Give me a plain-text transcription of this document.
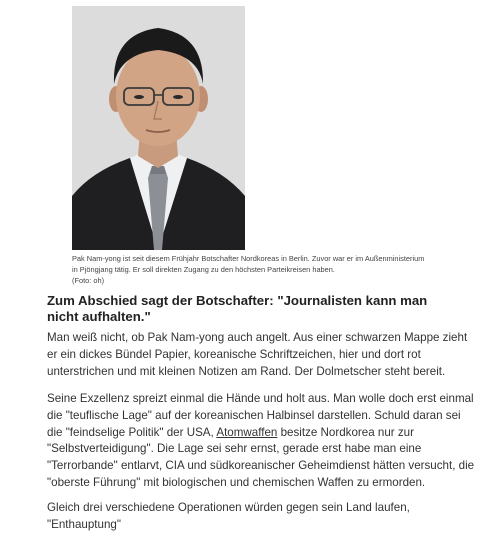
Pak Nam-yong ist seit diesem Frühjahr Botschafter Nordkoreas in Berlin. Zuvor war er im Außenministerium in Pjöngjang tätig. Er soll direkten Zugang zu den höchsten Parteikreisen haben.
(Foto: oh)
Zum Abschied sagt der Botschafter: "Journalisten kann man nicht aufhalten."

Man weiß nicht, ob Pak Nam-yong auch angelt. Aus einer schwarzen Mappe zieht er ein dickes Bündel Papier, koreanische Schriftzeichen, hier und dort rot unterstrichen und mit kleinen Notizen am Rand. Der Dolmetscher steht bereit.

Seine Exzellenz spreizt einmal die Hände und holt aus. Man wolle doch erst einmal die "teuflische Lage" auf der koreanischen Halbinsel darstellen. Schuld daran sei die "feindselige Politik" der USA, Atomwaffen besitze Nordkorea nur zur "Selbstverteidigung". Die Lage sei sehr ernst, gerade erst habe man eine "Terrorbande" entlarvt, CIA und südkoreanischer Geheimdienst hätten versucht, die "oberste Führung" mit biologischen und chemischen Waffen zu ermorden.

Gleich drei verschiedene Operationen würden gegen sein Land laufen, "Enthauptung"
